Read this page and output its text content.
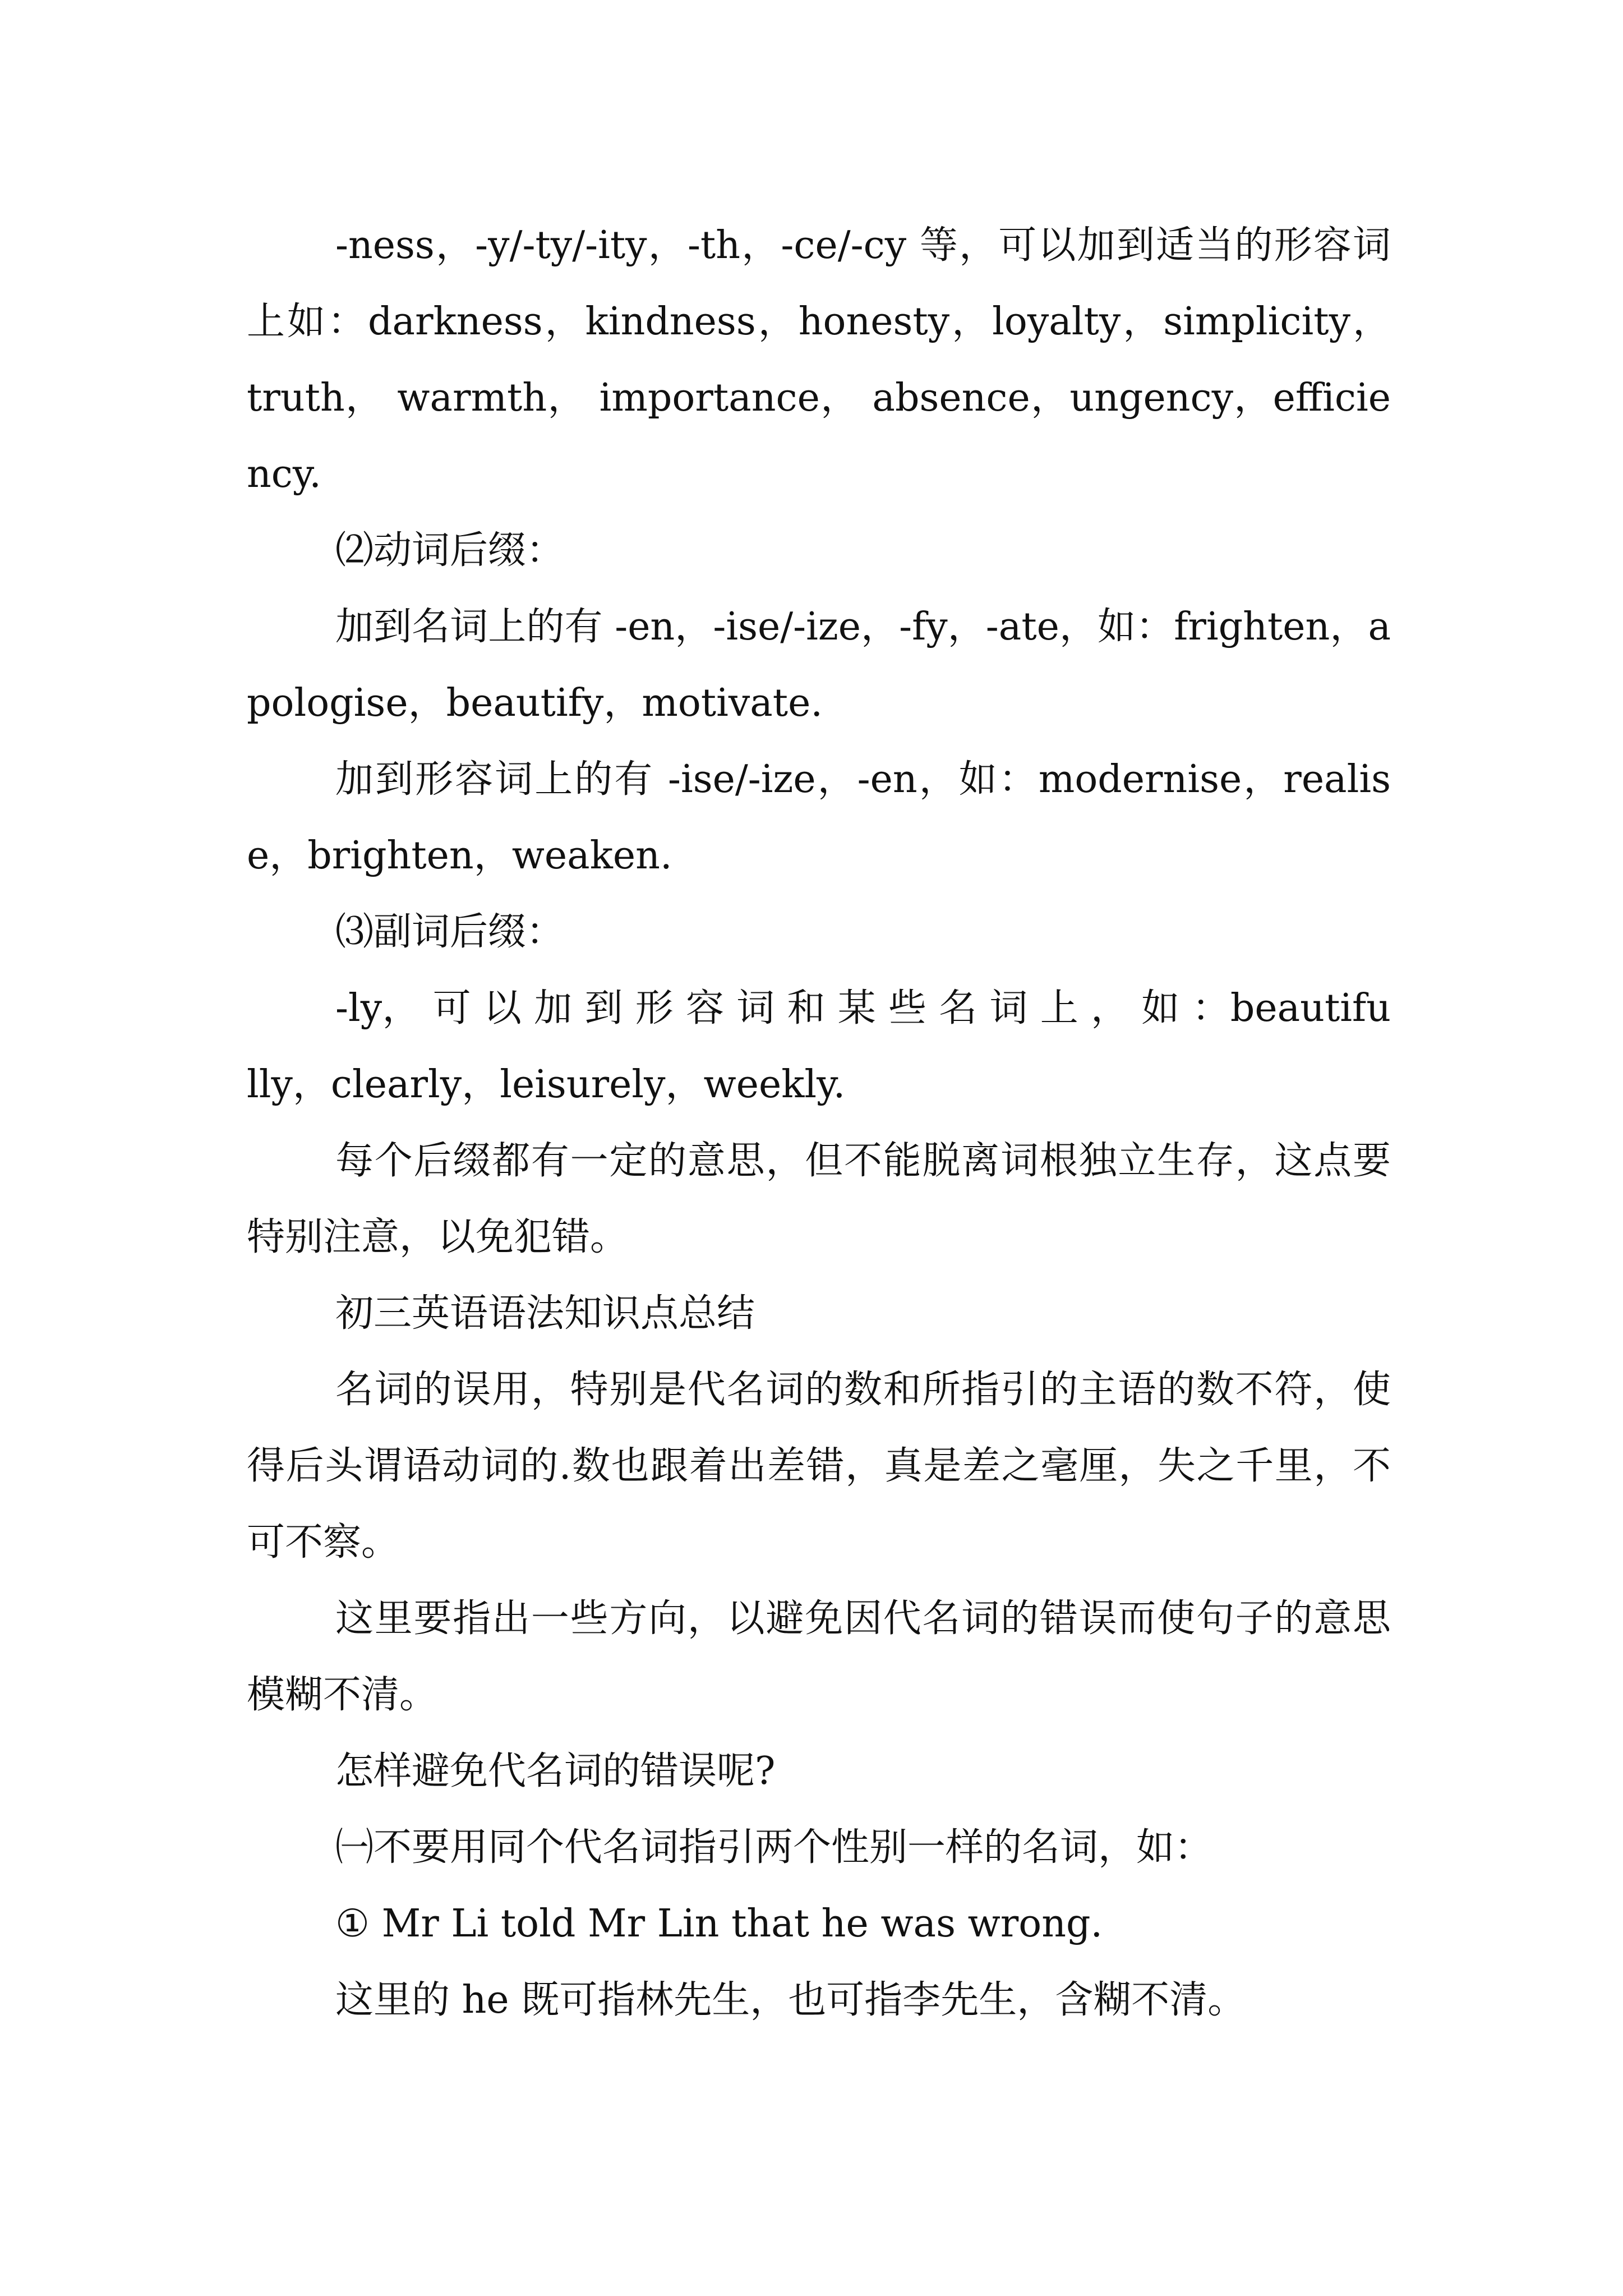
-ness，-y/-ty/-ity，-th，-ce/-cy 等，可以加到适当的形容词上如：darkness，kindness，honesty，loyalty，simplicity， truth， warmth， importance， absence，ungency，efficiency.

⑵动词后缀：

加到名词上的有 -en，-ise/-ize，-fy，-ate，如：frighten，apologise，beautify，motivate.

加到形容词上的有 -ise/-ize，-en，如：modernise，realise，brighten，weaken.

⑶副词后缀：

-ly， 可 以 加 到 形 容 词 和 某 些 名 词 上 ， 如 ：beautifully，clearly，leisurely，weekly.

每个后缀都有一定的意思，但不能脱离词根独立生存，这点要特别注意，以免犯错。

初三英语语法知识点总结

名词的误用，特别是代名词的数和所指引的主语的数不符，使得后头谓语动词的.数也跟着出差错，真是差之毫厘，失之千里，不可不察。

这里要指出一些方向，以避免因代名词的错误而使句子的意思模糊不清。

怎样避免代名词的错误呢?

㈠不要用同个代名词指引两个性别一样的名词，如：

① Mr Li told Mr Lin that he was wrong.

这里的 he 既可指林先生，也可指李先生，含糊不清。
